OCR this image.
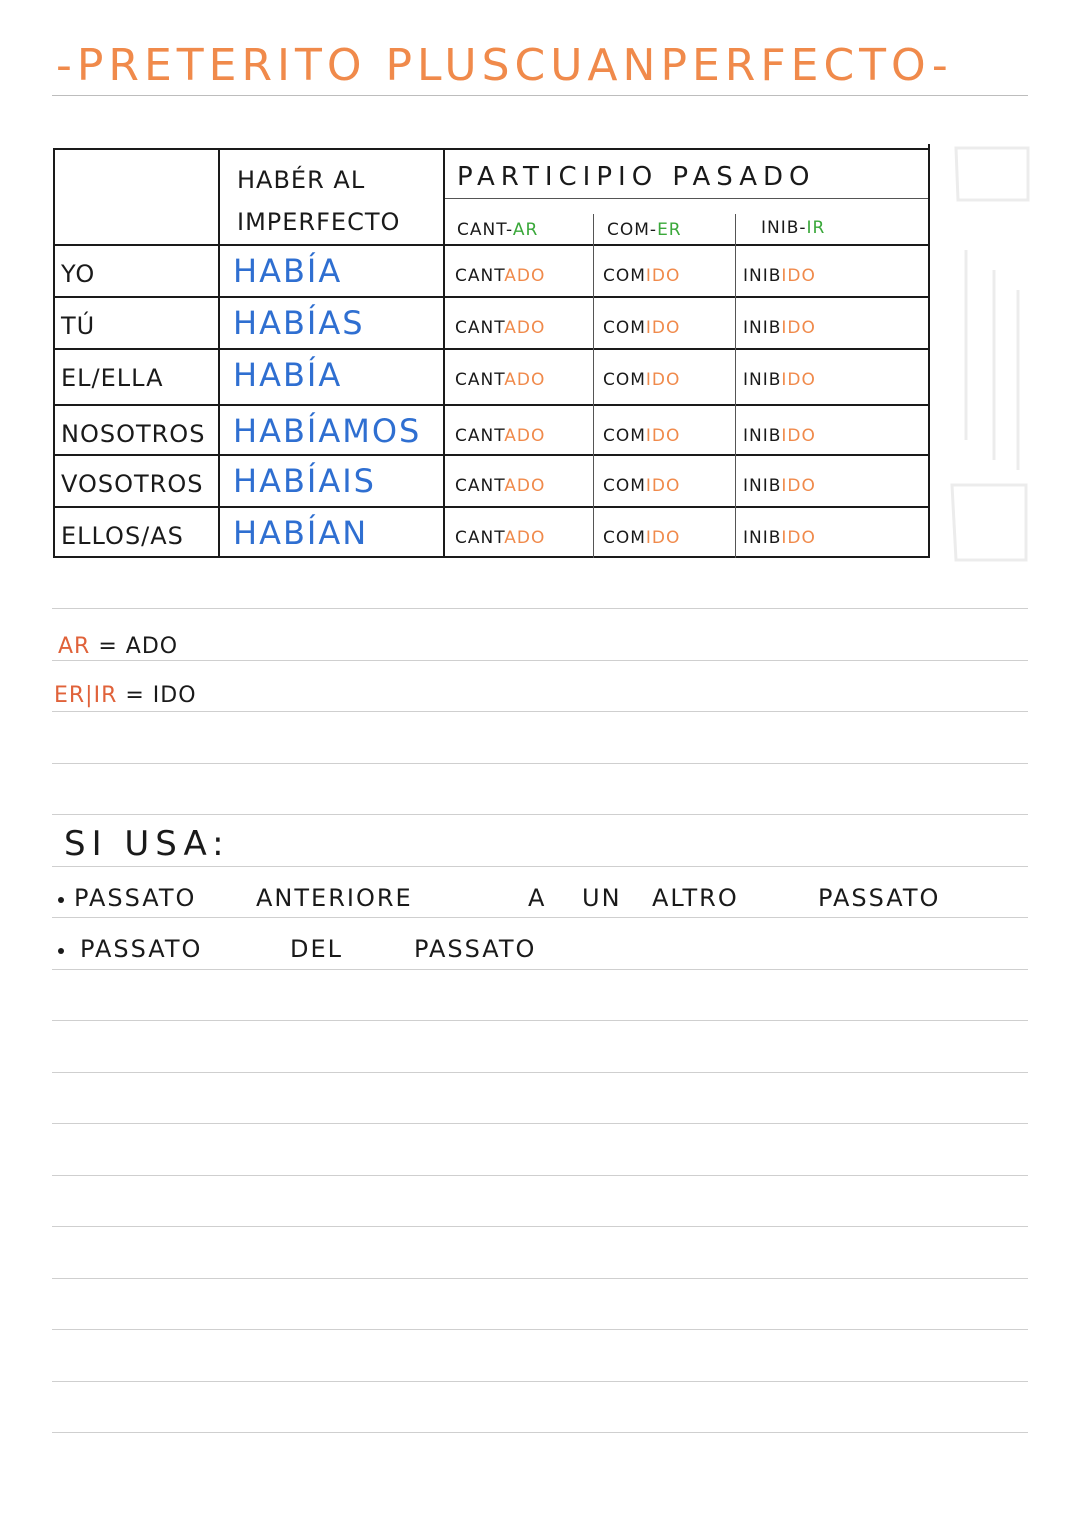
-PRETERITO PLUSCUANPERFECTO-
HABÉR AL
IMPERFECTO
PARTICIPIO PASADO
CANT-AR	COM-ER	INIB-IR
YO	HABÍA	CANTADO	COMIDO	INIBIDO
TÚ	HABÍAS	CANTADO	COMIDO	INIBIDO
EL/ELLA HABÍA	CANTADO	COMIDO	INIBIDO
NOSOTROS HABÍAMOS CANTADO	COMIDO	INIBIDO
VOSOTROS HABÍAIS	CANTADO	COMIDO	INIBIDO
ELLOS/AS HABÍAN	CANTADO	COMIDO	INIBIDO
AR = ADO
ER|IR = IDO
SI USA:
PASSATO ANTERIORE	A UN ALTRO	PASSATO
PASSATO	DEL	PASSATO
